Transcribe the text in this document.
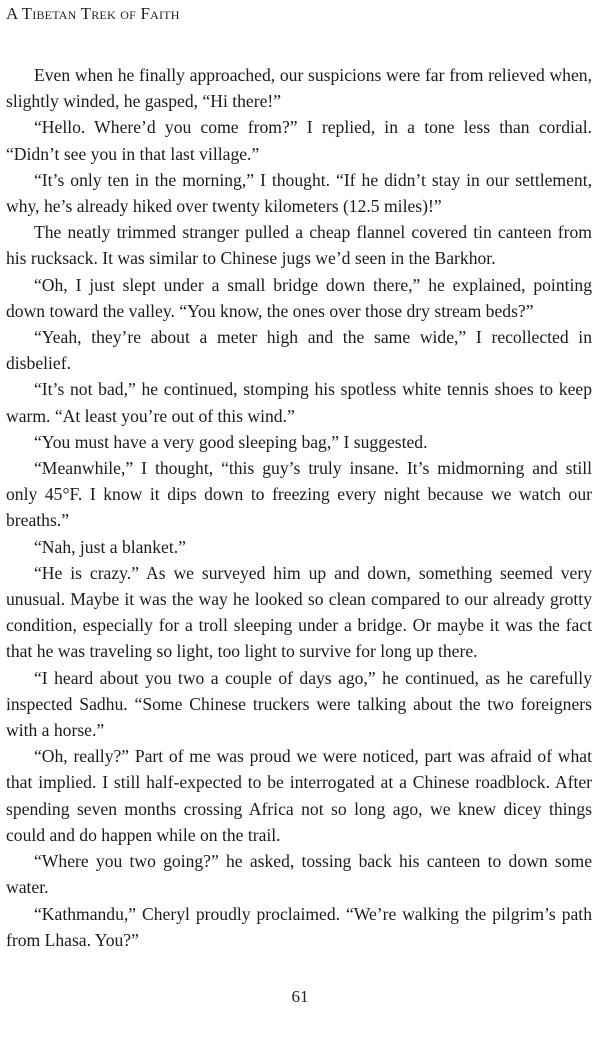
A Tibetan Trek of Faith

Even when he finally approached, our suspicions were far from relieved when, slightly winded, he gasped, “Hi there!”

“Hello. Where’d you come from?” I replied, in a tone less than cordial. “Didn’t see you in that last village.”

“It’s only ten in the morning,” I thought. “If he didn’t stay in our settlement, why, he’s already hiked over twenty kilometers (12.5 miles)!”

The neatly trimmed stranger pulled a cheap flannel covered tin canteen from his rucksack. It was similar to Chinese jugs we’d seen in the Barkhor.

“Oh, I just slept under a small bridge down there,” he explained, pointing down toward the valley. “You know, the ones over those dry stream beds?”

“Yeah, they’re about a meter high and the same wide,” I recollected in disbelief.

“It’s not bad,” he continued, stomping his spotless white tennis shoes to keep warm. “At least you’re out of this wind.”

“You must have a very good sleeping bag,” I suggested.

“Meanwhile,” I thought, “this guy’s truly insane. It’s midmorning and still only 45°F. I know it dips down to freezing every night because we watch our breaths.”

“Nah, just a blanket.”

“He is crazy.” As we surveyed him up and down, something seemed very unusual. Maybe it was the way he looked so clean compared to our already grotty condition, especially for a troll sleeping under a bridge. Or maybe it was the fact that he was traveling so light, too light to survive for long up there.

“I heard about you two a couple of days ago,” he continued, as he carefully inspected Sadhu. “Some Chinese truckers were talking about the two foreigners with a horse.”

“Oh, really?” Part of me was proud we were noticed, part was afraid of what that implied. I still half-expected to be interrogated at a Chinese roadblock. After spending seven months crossing Africa not so long ago, we knew dicey things could and do happen while on the trail.

“Where you two going?” he asked, tossing back his canteen to down some water.

“Kathmandu,” Cheryl proudly proclaimed. “We’re walking the pilgrim’s path from Lhasa. You?”

61
